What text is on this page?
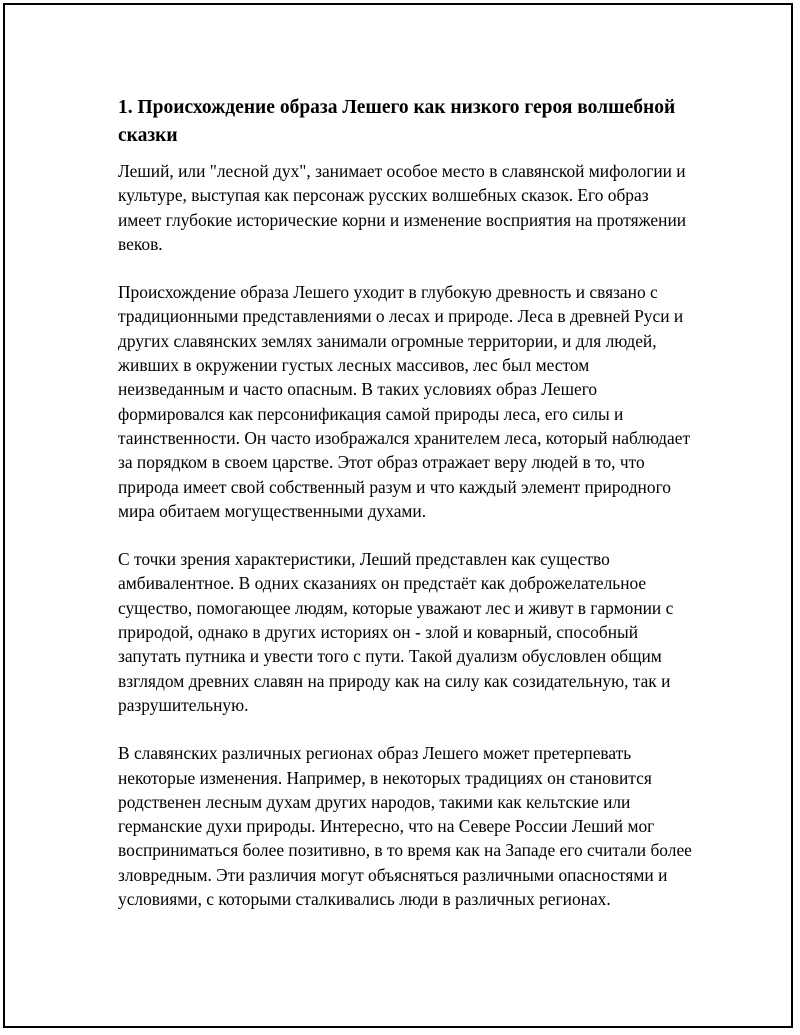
1. Происхождение образа Лешего как низкого героя волшебной сказки

Леший, или "лесной дух", занимает особое место в славянской мифологии и культуре, выступая как персонаж русских волшебных сказок. Его образ имеет глубокие исторические корни и изменение восприятия на протяжении веков.

Происхождение образа Лешего уходит в глубокую древность и связано с традиционными представлениями о лесах и природе. Леса в древней Руси и других славянских землях занимали огромные территории, и для людей, живших в окружении густых лесных массивов, лес был местом неизведанным и часто опасным. В таких условиях образ Лешего формировался как персонификация самой природы леса, его силы и таинственности. Он часто изображался хранителем леса, который наблюдает за порядком в своем царстве. Этот образ отражает веру людей в то, что природа имеет свой собственный разум и что каждый элемент природного мира обитаем могущественными духами.

С точки зрения характеристики, Леший представлен как существо амбивалентное. В одних сказаниях он предстаёт как доброжелательное существо, помогающее людям, которые уважают лес и живут в гармонии с природой, однако в других историях он - злой и коварный, способный запутать путника и увести того с пути. Такой дуализм обусловлен общим взглядом древних славян на природу как на силу как созидательную, так и разрушительную.

В славянских различных регионах образ Лешего может претерпевать некоторые изменения. Например, в некоторых традициях он становится родственен лесным духам других народов, такими как кельтские или германские духи природы. Интересно, что на Севере России Леший мог восприниматься более позитивно, в то время как на Западе его считали более зловредным. Эти различия могут объясняться различными опасностями и условиями, с которыми сталкивались люди в различных регионах.
